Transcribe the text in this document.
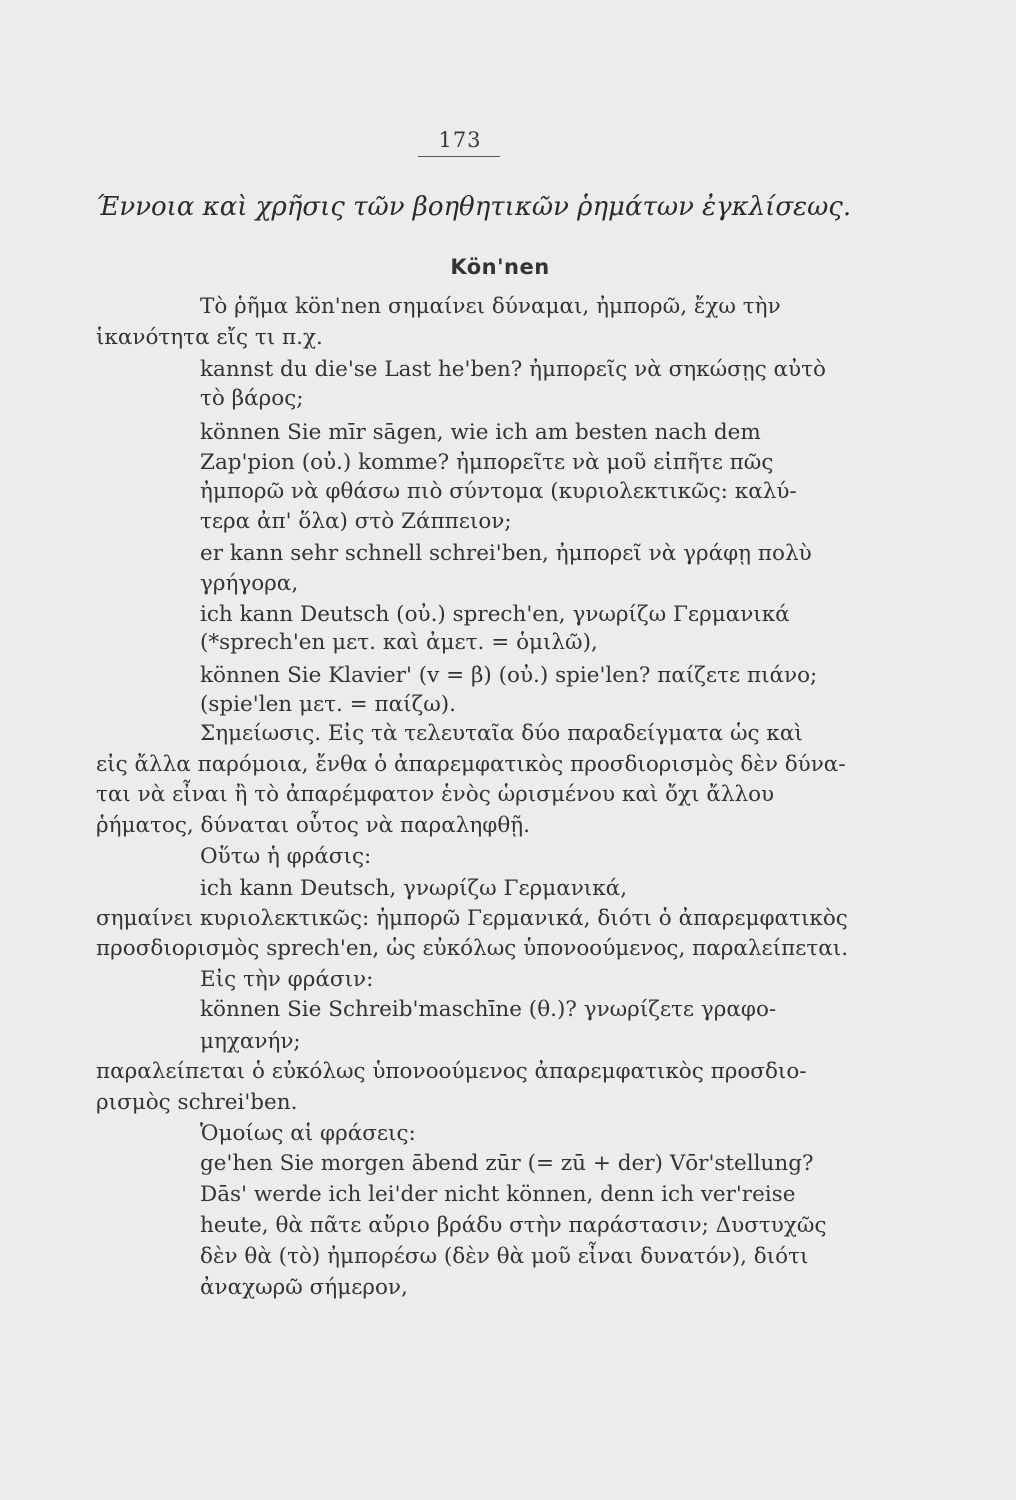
173
Έννοια καὶ χρῆσις τῶν βοηθητικῶν ῥημάτων ἐγκλίσεως.
Kön'nen
Τὸ ῥῆμα kön'nen σημαίνει δύναμαι, ἠμπορῶ, ἔχω τὴν
ἱκανότητα εἴς τι π.χ.
kannst du die'se Last he'ben? ἠμπορεῖς νὰ σηκώσῃς αὐτὸ
τὸ βάρος;
können Sie mīr sāgen, wie ich am besten nach dem
Zap'pion (οὐ.) komme? ἠμπορεῖτε νὰ μοῦ εἰπῆτε πῶς
ἠμπορῶ νὰ φθάσω πιὸ σύντομα (κυριολεκτικῶς: καλύ-
τερα ἀπ' ὅλα) στὸ Ζάππειον;
er kann sehr schnell schrei'ben, ἠμπορεῖ νὰ γράφῃ πολὺ
γρήγορα,
ich kann Deutsch (οὐ.) sprech'en, γνωρίζω Γερμανικά
(*sprech'en μετ. καὶ ἀμετ. = ὁμιλῶ),
können Sie Klavier' (v = β) (οὐ.) spie'len? παίζετε πιάνο;
(spie'len μετ. = παίζω).
Σημείωσις. Εἰς τὰ τελευταῖα δύο παραδείγματα ὡς καὶ
εἰς ἄλλα παρόμοια, ἔνθα ὁ ἀπαρεμφατικὸς προσδιορισμὸς δὲν δύνα-
ται νὰ εἶναι ἢ τὸ ἀπαρέμφατον ἑνὸς ὡρισμένου καὶ ὄχι ἄλλου
ῥήματος, δύναται οὗτος νὰ παραληφθῇ.
Οὕτω ἡ φράσις:
ich kann Deutsch, γνωρίζω Γερμανικά,
σημαίνει κυριολεκτικῶς: ἠμπορῶ Γερμανικά, διότι ὁ ἀπαρεμφατικὸς
προσδιορισμὸς sprech'en, ὡς εὐκόλως ὑπονοούμενος, παραλείπεται.
Εἰς τὴν φράσιν:
können Sie Schreib'maschīne (θ.)? γνωρίζετε γραφο-
μηχανήν;
παραλείπεται ὁ εὐκόλως ὑπονοούμενος ἀπαρεμφατικὸς προσδιο-
ρισμὸς schrei'ben.
Ὁμοίως αἱ φράσεις:
ge'hen Sie morgen ābend zūr (= zū + der) Vōr'stellung?
Dās' werde ich lei'der nicht können, denn ich ver'reise
heute, θὰ πᾶτε αὔριο βράδυ στὴν παράστασιν; Δυστυχῶς
δὲν θὰ (τὸ) ἠμπορέσω (δὲν θὰ μοῦ εἶναι δυνατόν), διότι
ἀναχωρῶ σήμερον,
